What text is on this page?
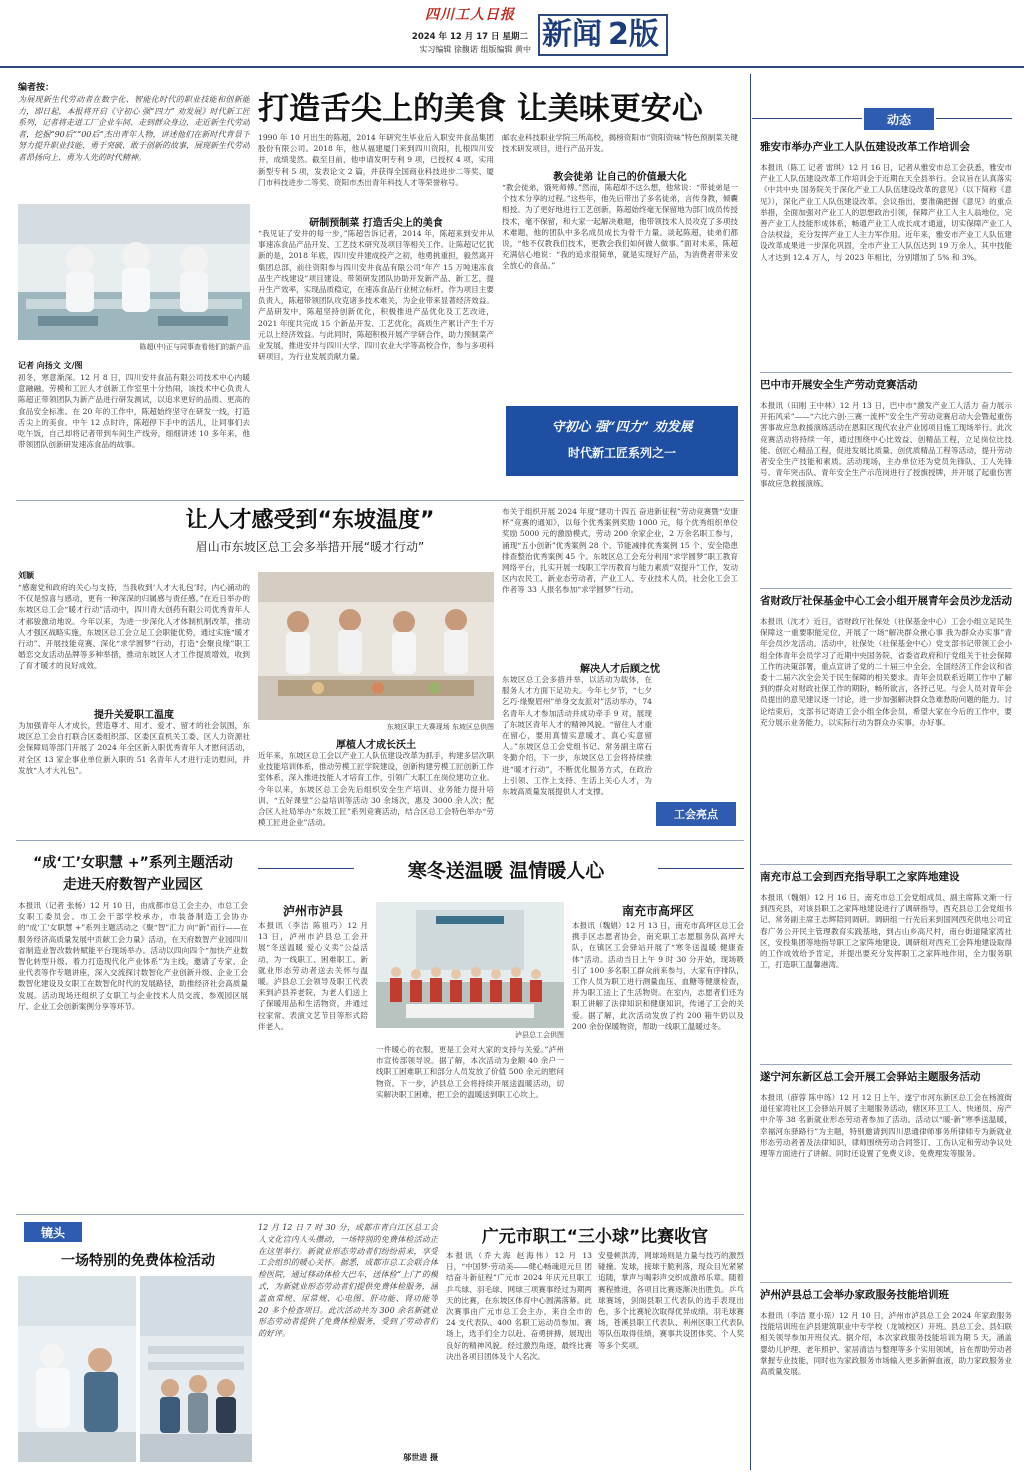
四川工人日报
2024 年 12 月 17 日 星期二
实习编辑 徐馥诺 组版编辑 黄中 新闻 2版
编者按：
为展现新生代劳动者在数字化、智能化时代的职业技能和创新能力，即日起，本报将开启《守初心 强“四力” 劝发展》时代新工匠系列，记者将走进工厂企业车间、走到群众身边，走近新生代劳动者，挖掘“90后”“00后”杰出青年人物，讲述他们在新时代背景下努力提升职业技能、勇于突破、敢于创新的故事，展现新生代劳动者昂扬向上、勇为人先的时代精神。
打造舌尖上的美食 让美味更安心
陈超(中)正与同事查看他们的新产品
记者 向扬文 文/图
初冬，寒意渐深。12 月 8 日，四川安井食品有限公司技术中心内暖意融融。劳模和工匠人才创新工作室里十分热闹，该技术中心负责人陈超正带领团队为新产品进行研发测试，以追求更好的品质、更高的食品安全标准。在 20 年的工作中，陈超始终坚守在研发一线，打造舌尖上的美食。中午 12 点时许，陈超停下手中的活儿，让同事们去吃午饭，自己却将记者带到车间生产线旁，细细讲述 10 多年来，他带领团队创新研发速冻食品的故事。
1990 年 10 月出生的陈超，2014 年研究生毕业后入职安井食品集团股份有限公司。2018 年，他从福建厦门来到四川资阳，扎根四川安井，成绩斐然。截至目前，他申请发明专利 9 项，已授权 4 项，实用新型专利 5 项，发表论文 2 篇，并获得全国商业科技进步二等奖、厦门市科技进步二等奖、资阳市杰出青年科技人才等荣誉称号。
研制预制菜 打造舌尖上的美食
“我见证了安井的每一步，”陈超告诉记者，2014 年，陈超来到安井从事速冻食品产品开发、工艺技术研究及项目等相关工作。让陈超记忆犹新的是，2018 年底，四川安井建成投产之初，他勇挑重担，毅然离开集团总部，前往资阳参与四川安井食品有限公司“年产 15 万吨速冻食品生产线建设”项目建设。带领研发团队协助开发新产品、新工艺，提升生产效率，实现品质稳定，在速冻食品行业树立标杆。作为项目主要负责人，陈超带领团队攻克诸多技术难关，为企业带来显著经济效益。产品研发中，陈超坚持创新优化，积极推进产品优化及工艺改进，2021 年度共完成 15 个新品开发、工艺优化，高质生产累计产生千万元以上经济效益。与此同时，陈超积极开展产学研合作，助力预制菜产业发展，推进安井与四川大学、四川农业大学等高校合作，参与多项科研项目，为行业发展贡献力量。
邮农业科技职业学院三所高校，揭榜资阳市“资阳资味”特色预制菜关键技术研发项目，进行产品开发。
教会徒弟 让自己的价值最大化
“教会徒弟，饿死师傅。”然而，陈超却不这么想，他常说：“带徒弟是一个技术分享的过程。”这些年，他先后带出了多名徒弟，言传身教，倾囊相授。为了更好地进行工艺创新，陈超始终毫无保留地为部门成员传授技术，毫不保留，和大家一起解决难题，他带领技术人员攻克了多项技术难题，他的团队中多名成员成长为骨干力量。谈起陈超，徒弟们都说，“他不仅教我们技术，更教会我们如何做人做事。”面对未来，陈超充满信心地说：“我的追求很简单，就是实现好产品，为消费者带来安全放心的食品。”
守初心 强“四力” 劝发展
时代新工匠系列之一
让人才感受到“东坡温度”
眉山市东坡区总工会多举措开展“暖才行动”
刘颖
“感谢党和政府的关心与支持，当我收到‘人才大礼包’时，内心涌动的不仅是惊喜与感动，更有一种深深的归属感与责任感。”在近日举办的东坡区总工会“暖才行动”活动中，四川青大创药有限公司优秀青年人才郝骏激动地说。今年以来，为进一步深化人才体制机制改革，推动人才强区战略实施，东坡区总工会立足工会职能优势，通过实施“暖才行动”、开展技能竞赛、深化“求学圆梦”行动，打造“会聚良缘”职工婚恋交友活动品牌等多种举措，推动东坡区人才工作提质增效，收到了育才暖才的良好成效。
提升关爱职工温度
为加强青年人才成长，营造尊才、用才、爱才、留才的社会氛围，东坡区总工会自打联合区委组织部、区委区直机关工委、区人力资源社会保障局等部门开展了 2024 年全区新入职优秀青年人才慰问活动，对全区 13 家企事业单位新入职的 51 名青年人才进行走访慰问，并发放“人才大礼包”。
东坡区职工大赛现场 东坡区总供图
厚植人才成长沃土
近年来，东坡区总工会以产业工人队伍建设改革为抓手，构建多层次职业技能培训体系，推动劳模工匠学院建设，创新构建劳模工匠创新工作室体系，深入推进技能人才培育工作，引领广大职工在岗位建功立业。今年以来，东坡区总工会先后组织安全生产培训、业务能力提升培训、“五好课堂”公益培训等活动 30 余场次，惠及 3000 余人次；配合区人社局举办“东坡工匠”系列竞赛活动，结合区总工会特色举办“劳模工匠进企业”活动。
布关于组织开展 2024 年度“建功十四五 奋进新征程”劳动竞赛暨“安康杯”竞赛的通知》，以每个优秀案例奖励 1000 元，每个优秀组织单位奖励 5000 元的激励模式，劳动 200 余家企业，2 万余名职工参与，涌现“五小创新”优秀案例 28 个、节能减排优秀案例 15 个、安全隐患排查整治优秀案例 45 个。东坡区总工会充分利用“求学圆梦”职工教育网络平台，扎实开展一线职工学历教育与能力素质“双提升”工作，发动区内农民工、新业态劳动者，产业工人、专业技术人员，社会化工会工作者等 33 人报名参加“求学圆梦”行动。
解决人才后顾之忧
东坡区总工会多措并举，以活动为载体，在服务人才方面下足功夫。今年七夕节，“七夕乞巧·缘聚眉州”单身交友派对”活动举办，74 名青年人才参加活动并成功牵手 9 对，展现了东坡区青年人才的精神风貌。“留住人才重在留心，要用真情实意暖才、真心实意留人。”东坡区总工会党组书记、常务副主席石冬勤介绍，下一步，东坡区总工会将持续推进“暖才行动”，不断优化服务方式，在政治上引领、工作上支持、生活上关心人才，为东坡高质量发展提供人才支撑。
工会亮点
动态
雅安市举办产业工人队伍建设改革工作培训会
本报讯（陈工 记者 雷琪）12 月 16 日，记者从雅安市总工会获悉，雅安市产业工人队伍建设改革工作培训会于近期在天全县举行。会议旨在认真落实《中共中央 国务院关于深化产业工人队伍建设改革的意见》（以下简称《意见》），深化产业工人队伍建设改革。会议指出，要准确把握《意见》的重点举措，全面加强对产业工人的思想政治引领，保障产业工人主人翁地位，完善产业工人技能形成体系，畅通产业工人成长成才通道，切实保障产业工人合法权益，充分发挥产业工人主力军作用。近年来，雅安市产业工人队伍建设改革成果进一步深化巩固，全市产业工人队伍达到 19 万余人，其中技能人才达到 12.4 万人，与 2023 年相比，分别增加了 5% 和 3%。
巴中市开展安全生产劳动竞赛活动
本报讯（田刚 王中林）12 月 13 日，巴中市“激发产业工人活力 奋力展示开拓风采”——“六比六创·三赛一流杯”安全生产劳动竞赛启动大会暨起重伤害事故应急救援演练活动在恩阳区现代农业产业园项目施工现场举行。此次竞赛活动将持续一年，通过围绕中心比效益、创精品工程，立足岗位比技能、创匠心精品工程，促进发展比质量、创优质精品工程等活动，提升劳动者安全生产技能和素质。活动现场，主办单位还为党员先锋队、工人先锋号、青年突击队、青年安全生产示范岗进行了授旗授牌，并开展了起重伤害事故应急救援演练。
省财政厅社保基金中心工会小组开展青年会员沙龙活动
本报讯（沈才）近日，省财政厅社保处（社保基金中心）工会小组立足民生保障这一重要职能定位，开展了一场“解决群众揪心事 我为群众办实事”青年会员沙龙活动。活动中，社保处（社保基金中心）党支部书记带领工会小组全体青年会员学习了近期中央国务院、省委省政府和厅党组关于社会保障工作的决策部署，重点宣讲了党的二十届三中全会、全国经济工作会议和省委十二届六次全会关于民生保障的相关要求。青年会员联系近期工作中了解到的群众对财政社保工作的期盼，畅所欲言，各抒己见。与会人员对青年会员提出的意见建议逐一讨论，进一步加强解决群众急难愁盼问题的能力。讨论结束后，支部书记寄语工会小组全体会员，希望大家在今后的工作中，要充分展示业务能力，以实际行动为群众办实事，办好事。
南充市总工会到西充指导职工之家阵地建设
本报讯（魏娟）12 月 16 日，南充市总工会党组成员、副主席陈文渐一行到西充县，对该县职工之家阵地建设进行了调研指导，西充县总工会党组书记、常务副主席王志辉陪同调研。调研组一行先后来到国网西充供电公司宜春广务公开民主管理教育实践基地，到占山乡高尺村，南台街道隆家湾社区，安投集团等地指导职工之家阵地建设。调研组对西充工会阵地建设取得的工作成效给予肯定，并提出要充分发挥职工之家阵地作用，全力服务职工，打造职工温馨港湾。
遂宁河东新区总工会开展工会驿站主题服务活动
本报讯（薛蓉 陈中练）12 月 12 日上午，遂宁市河东新区总工会在杨渡街道任家湾社区工会驿站开展了主题服务活动，辖区环卫工人、快递员、房产中介等 38 名新就业形态劳动者参加了活动。活动以“暖·新”寒季送温暖，幸福河东驿路行”为主题，特别邀请到四川思通律师事务所律师专为新就业形态劳动者普及法律知识，律师围绕劳动合同签订、工伤认定和劳动争议处理等方面进行了讲解。同时还设置了免费义诊、免费理发等服务。
泸州泸县总工会举办家政服务技能培训班
本报讯（李洁 夏小琼）12 月 10 日，泸州市泸县总工会 2024 年家政服务技能培训班在泸县建筑职业中专学校（龙城校区）开班。县总工会、县妇联相关领导参加开班仪式。据介绍，本次家政服务技能培训为期 5 天，涵盖婴幼儿护理、老年照护、家居清洁与整理等多个实用领域，旨在帮助劳动者掌握专业技能，同时也为家政服务市场输入更多新鲜血液，助力家政服务业高质量发展。
“成‘工’女职慧 +”系列主题活动
走进天府数智产业园区
本报讯（记者 张杨）12 月 10 日，由成都市总工会主办，市总工会女职工委员会、市工会干部学校承办，市装备制造工会协办的“成‘工’女职慧 +”系列主题活动之《聚“智”汇力 向“新”而行——在服务经济高质量发展中贡献工会力量》活动，在天府数智产业园四川省制造业智改数转赋能平台现场举办。活动以四向四个“加快产业数智化转型升级、着力打造现代化产业体系”为主线，邀请了专家、企业代表等作专题讲座，深入交流探讨数智化产业创新升级、企业工会数智化建设及女职工在数智化时代的发展路径，助推经济社会高质量发展。活动现场还组织了女职工与企业技术人员交流、参观园区展厅、企业工会创新案例分享等环节。
寒冬送温暖 温情暖人心
泸州市泸县
本报讯（李洁 陈祖巧）12 月 13 日，泸州市泸县总工会开展“冬送温暖 爱心义卖”公益活动，为一线职工、困难职工、新就业形态劳动者送去关怀与温暖。泸县总工会领导及职工代表来到泸县养老院，为老人们送上了保暖用品和生活物资，并通过拉家常、表演文艺节目等形式陪伴老人。
泸县总工会供图
一件暖心的衣服，更是工会对大家的支持与关爱。”泸州市宣传部领导说。据了解，本次活动为金额 40 余户一线职工困难职工和部分人员发放了价值 500 余元的慰问物资。下一步，泸县总工会将持续开展送温暖活动，切实解决职工困难，把工会的温暖送到职工心坎上。
南充市高坪区
本报讯（魏娟）12 月 13 日，南充市高坪区总工会携手区志愿者协会，南充职工志愿服务队高坪大队，在镇区工会驿站开展了“寒冬送温暖 健康查体”活动。活动当日上午 9 时 30 分开始，现场吸引了 100 多名职工群众前来参与，大家有序排队，工作人员为职工进行测量血压、血糖等健康检查，并为职工送上了生活物资。在室内，志愿者们还为职工讲解了法律知识和健康知识，传递了工会的关爱。据了解，此次活动发放了约 200 箱牛奶以及 200 余份保暖物资，帮助一线职工温暖过冬。
镜头
一场特别的免费体检活动
12 月 12 日 7 时 30 分，成都市青白江区总工会人文化宫内人头攒动，一场特别的免费体检活动正在这里举行。新就业形态劳动者们纷纷前来，享受工会组织的暖心关怀。据悉，成都市总工会联合体检医院，通过移动体检大巴车，送体检“上门”的模式，为新就业形态劳动者们提供免费体检服务，涵盖血常规、尿常规、心电图、肝功能、肾功能等 20 多个检查项目。此次活动共为 300 余名新就业形态劳动者提供了免费体检服务，受到了劳动者们的好评。
邬世进 摄
广元市职工“三小球”比赛收官
本报讯（乔大海 赵海伟）12 月 13 日，“中国梦·劳动美——健心畅魂迎元旦 团结奋斗新征程”广元市 2024 年庆元旦职工乒乓球、羽毛球、网球三项赛事经过为期两天的比赛，在东坡区体育中心圆满落幕。此次赛事由广元市总工会主办，来自全市的 24 支代表队、400 名职工运动员参加。赛场上，选手们全力以赴、奋勇拼搏，展现出良好的精神风貌。经过激烈角逐，最终比赛决出各项目团体及个人名次。
安曼顿洪涛，网球场则是力量与技巧的激烈碰撞。发球，接球干脆利落，现众目光紧紧追随，掌声与喝彩声交织成激昂乐章。随着赛程推进，各项目比赛逐渐决出胜负。乒乓球赛场，剑阁县职工代表队的选手表现出色，多个比赛轮次取得优异成绩。羽毛球赛场，苍溪县职工代表队、利州区职工代表队等队伍取得佳绩，赛事共设团体奖、个人奖等多个奖项。
